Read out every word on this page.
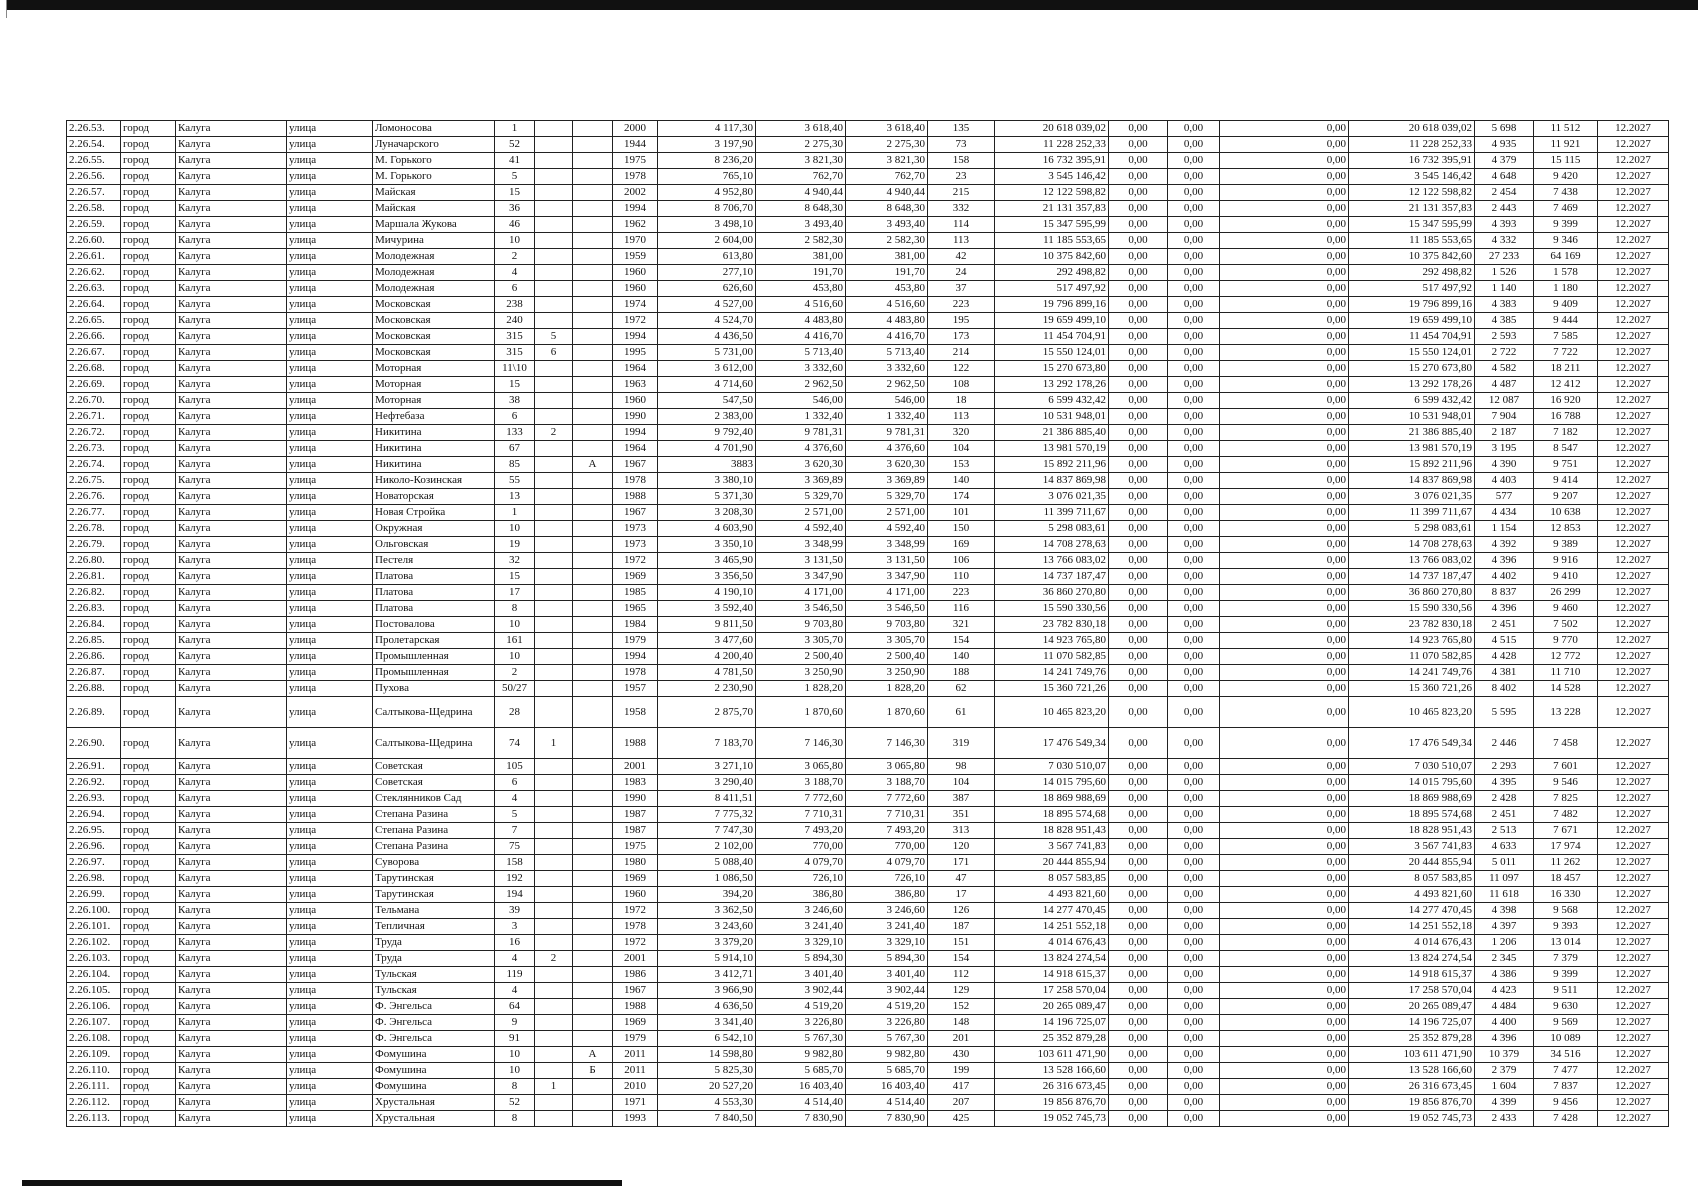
2.26.53.	город	Калуга	улица	Ломоносова	1			2000	4 117,30	3 618,40	3 618,40	135	20 618 039,02	0,00	0,00	0,00	20 618 039,02	5 698	11 512	12.2027
2.26.54.	город	Калуга	улица	Луначарского	52			1944	3 197,90	2 275,30	2 275,30	73	11 228 252,33	0,00	0,00	0,00	11 228 252,33	4 935	11 921	12.2027
2.26.55.	город	Калуга	улица	М. Горького	41			1975	8 236,20	3 821,30	3 821,30	158	16 732 395,91	0,00	0,00	0,00	16 732 395,91	4 379	15 115	12.2027
2.26.56.	город	Калуга	улица	М. Горького	5			1978	765,10	762,70	762,70	23	3 545 146,42	0,00	0,00	0,00	3 545 146,42	4 648	9 420	12.2027
2.26.57.	город	Калуга	улица	Майская	15			2002	4 952,80	4 940,44	4 940,44	215	12 122 598,82	0,00	0,00	0,00	12 122 598,82	2 454	7 438	12.2027
2.26.58.	город	Калуга	улица	Майская	36			1994	8 706,70	8 648,30	8 648,30	332	21 131 357,83	0,00	0,00	0,00	21 131 357,83	2 443	7 469	12.2027
2.26.59.	город	Калуга	улица	Маршала Жукова	46			1962	3 498,10	3 493,40	3 493,40	114	15 347 595,99	0,00	0,00	0,00	15 347 595,99	4 393	9 399	12.2027
2.26.60.	город	Калуга	улица	Мичурина	10			1970	2 604,00	2 582,30	2 582,30	113	11 185 553,65	0,00	0,00	0,00	11 185 553,65	4 332	9 346	12.2027
2.26.61.	город	Калуга	улица	Молодежная	2			1959	613,80	381,00	381,00	42	10 375 842,60	0,00	0,00	0,00	10 375 842,60	27 233	64 169	12.2027
2.26.62.	город	Калуга	улица	Молодежная	4			1960	277,10	191,70	191,70	24	292 498,82	0,00	0,00	0,00	292 498,82	1 526	1 578	12.2027
2.26.63.	город	Калуга	улица	Молодежная	6			1960	626,60	453,80	453,80	37	517 497,92	0,00	0,00	0,00	517 497,92	1 140	1 180	12.2027
2.26.64.	город	Калуга	улица	Московская	238			1974	4 527,00	4 516,60	4 516,60	223	19 796 899,16	0,00	0,00	0,00	19 796 899,16	4 383	9 409	12.2027
2.26.65.	город	Калуга	улица	Московская	240			1972	4 524,70	4 483,80	4 483,80	195	19 659 499,10	0,00	0,00	0,00	19 659 499,10	4 385	9 444	12.2027
2.26.66.	город	Калуга	улица	Московская	315	5		1994	4 436,50	4 416,70	4 416,70	173	11 454 704,91	0,00	0,00	0,00	11 454 704,91	2 593	7 585	12.2027
2.26.67.	город	Калуга	улица	Московская	315	6		1995	5 731,00	5 713,40	5 713,40	214	15 550 124,01	0,00	0,00	0,00	15 550 124,01	2 722	7 722	12.2027
2.26.68.	город	Калуга	улица	Моторная	11\10			1964	3 612,00	3 332,60	3 332,60	122	15 270 673,80	0,00	0,00	0,00	15 270 673,80	4 582	18 211	12.2027
2.26.69.	город	Калуга	улица	Моторная	15			1963	4 714,60	2 962,50	2 962,50	108	13 292 178,26	0,00	0,00	0,00	13 292 178,26	4 487	12 412	12.2027
2.26.70.	город	Калуга	улица	Моторная	38			1960	547,50	546,00	546,00	18	6 599 432,42	0,00	0,00	0,00	6 599 432,42	12 087	16 920	12.2027
2.26.71.	город	Калуга	улица	Нефтебаза	6			1990	2 383,00	1 332,40	1 332,40	113	10 531 948,01	0,00	0,00	0,00	10 531 948,01	7 904	16 788	12.2027
2.26.72.	город	Калуга	улица	Никитина	133	2		1994	9 792,40	9 781,31	9 781,31	320	21 386 885,40	0,00	0,00	0,00	21 386 885,40	2 187	7 182	12.2027
2.26.73.	город	Калуга	улица	Никитина	67			1964	4 701,90	4 376,60	4 376,60	104	13 981 570,19	0,00	0,00	0,00	13 981 570,19	3 195	8 547	12.2027
2.26.74.	город	Калуга	улица	Никитина	85		А	1967	3883	3 620,30	3 620,30	153	15 892 211,96	0,00	0,00	0,00	15 892 211,96	4 390	9 751	12.2027
2.26.75.	город	Калуга	улица	Николо-Козинская	55			1978	3 380,10	3 369,89	3 369,89	140	14 837 869,98	0,00	0,00	0,00	14 837 869,98	4 403	9 414	12.2027
2.26.76.	город	Калуга	улица	Новаторская	13			1988	5 371,30	5 329,70	5 329,70	174	3 076 021,35	0,00	0,00	0,00	3 076 021,35	577	9 207	12.2027
2.26.77.	город	Калуга	улица	Новая Стройка	1			1967	3 208,30	2 571,00	2 571,00	101	11 399 711,67	0,00	0,00	0,00	11 399 711,67	4 434	10 638	12.2027
2.26.78.	город	Калуга	улица	Окружная	10			1973	4 603,90	4 592,40	4 592,40	150	5 298 083,61	0,00	0,00	0,00	5 298 083,61	1 154	12 853	12.2027
2.26.79.	город	Калуга	улица	Ольговская	19			1973	3 350,10	3 348,99	3 348,99	169	14 708 278,63	0,00	0,00	0,00	14 708 278,63	4 392	9 389	12.2027
2.26.80.	город	Калуга	улица	Пестеля	32			1972	3 465,90	3 131,50	3 131,50	106	13 766 083,02	0,00	0,00	0,00	13 766 083,02	4 396	9 916	12.2027
2.26.81.	город	Калуга	улица	Платова	15			1969	3 356,50	3 347,90	3 347,90	110	14 737 187,47	0,00	0,00	0,00	14 737 187,47	4 402	9 410	12.2027
2.26.82.	город	Калуга	улица	Платова	17			1985	4 190,10	4 171,00	4 171,00	223	36 860 270,80	0,00	0,00	0,00	36 860 270,80	8 837	26 299	12.2027
2.26.83.	город	Калуга	улица	Платова	8			1965	3 592,40	3 546,50	3 546,50	116	15 590 330,56	0,00	0,00	0,00	15 590 330,56	4 396	9 460	12.2027
2.26.84.	город	Калуга	улица	Постовалова	10			1984	9 811,50	9 703,80	9 703,80	321	23 782 830,18	0,00	0,00	0,00	23 782 830,18	2 451	7 502	12.2027
2.26.85.	город	Калуга	улица	Пролетарская	161			1979	3 477,60	3 305,70	3 305,70	154	14 923 765,80	0,00	0,00	0,00	14 923 765,80	4 515	9 770	12.2027
2.26.86.	город	Калуга	улица	Промышленная	10			1994	4 200,40	2 500,40	2 500,40	140	11 070 582,85	0,00	0,00	0,00	11 070 582,85	4 428	12 772	12.2027
2.26.87.	город	Калуга	улица	Промышленная	2			1978	4 781,50	3 250,90	3 250,90	188	14 241 749,76	0,00	0,00	0,00	14 241 749,76	4 381	11 710	12.2027
2.26.88.	город	Калуга	улица	Пухова	50/27			1957	2 230,90	1 828,20	1 828,20	62	15 360 721,26	0,00	0,00	0,00	15 360 721,26	8 402	14 528	12.2027
2.26.89.	город	Калуга	улица	Салтыкова-Щедрина	28			1958	2 875,70	1 870,60	1 870,60	61	10 465 823,20	0,00	0,00	0,00	10 465 823,20	5 595	13 228	12.2027
2.26.90.	город	Калуга	улица	Салтыкова-Щедрина	74	1		1988	7 183,70	7 146,30	7 146,30	319	17 476 549,34	0,00	0,00	0,00	17 476 549,34	2 446	7 458	12.2027
2.26.91.	город	Калуга	улица	Советская	105			2001	3 271,10	3 065,80	3 065,80	98	7 030 510,07	0,00	0,00	0,00	7 030 510,07	2 293	7 601	12.2027
2.26.92.	город	Калуга	улица	Советская	6			1983	3 290,40	3 188,70	3 188,70	104	14 015 795,60	0,00	0,00	0,00	14 015 795,60	4 395	9 546	12.2027
2.26.93.	город	Калуга	улица	Стеклянников Сад	4			1990	8 411,51	7 772,60	7 772,60	387	18 869 988,69	0,00	0,00	0,00	18 869 988,69	2 428	7 825	12.2027
2.26.94.	город	Калуга	улица	Степана Разина	5			1987	7 775,32	7 710,31	7 710,31	351	18 895 574,68	0,00	0,00	0,00	18 895 574,68	2 451	7 482	12.2027
2.26.95.	город	Калуга	улица	Степана Разина	7			1987	7 747,30	7 493,20	7 493,20	313	18 828 951,43	0,00	0,00	0,00	18 828 951,43	2 513	7 671	12.2027
2.26.96.	город	Калуга	улица	Степана Разина	75			1975	2 102,00	770,00	770,00	120	3 567 741,83	0,00	0,00	0,00	3 567 741,83	4 633	17 974	12.2027
2.26.97.	город	Калуга	улица	Суворова	158			1980	5 088,40	4 079,70	4 079,70	171	20 444 855,94	0,00	0,00	0,00	20 444 855,94	5 011	11 262	12.2027
2.26.98.	город	Калуга	улица	Тарутинская	192			1969	1 086,50	726,10	726,10	47	8 057 583,85	0,00	0,00	0,00	8 057 583,85	11 097	18 457	12.2027
2.26.99.	город	Калуга	улица	Тарутинская	194			1960	394,20	386,80	386,80	17	4 493 821,60	0,00	0,00	0,00	4 493 821,60	11 618	16 330	12.2027
2.26.100.	город	Калуга	улица	Тельмана	39			1972	3 362,50	3 246,60	3 246,60	126	14 277 470,45	0,00	0,00	0,00	14 277 470,45	4 398	9 568	12.2027
2.26.101.	город	Калуга	улица	Тепличная	3			1978	3 243,60	3 241,40	3 241,40	187	14 251 552,18	0,00	0,00	0,00	14 251 552,18	4 397	9 393	12.2027
2.26.102.	город	Калуга	улица	Труда	16			1972	3 379,20	3 329,10	3 329,10	151	4 014 676,43	0,00	0,00	0,00	4 014 676,43	1 206	13 014	12.2027
2.26.103.	город	Калуга	улица	Труда	4	2		2001	5 914,10	5 894,30	5 894,30	154	13 824 274,54	0,00	0,00	0,00	13 824 274,54	2 345	7 379	12.2027
2.26.104.	город	Калуга	улица	Тульская	119			1986	3 412,71	3 401,40	3 401,40	112	14 918 615,37	0,00	0,00	0,00	14 918 615,37	4 386	9 399	12.2027
2.26.105.	город	Калуга	улица	Тульская	4			1967	3 966,90	3 902,44	3 902,44	129	17 258 570,04	0,00	0,00	0,00	17 258 570,04	4 423	9 511	12.2027
2.26.106.	город	Калуга	улица	Ф. Энгельса	64			1988	4 636,50	4 519,20	4 519,20	152	20 265 089,47	0,00	0,00	0,00	20 265 089,47	4 484	9 630	12.2027
2.26.107.	город	Калуга	улица	Ф. Энгельса	9			1969	3 341,40	3 226,80	3 226,80	148	14 196 725,07	0,00	0,00	0,00	14 196 725,07	4 400	9 569	12.2027
2.26.108.	город	Калуга	улица	Ф. Энгельса	91			1979	6 542,10	5 767,30	5 767,30	201	25 352 879,28	0,00	0,00	0,00	25 352 879,28	4 396	10 089	12.2027
2.26.109.	город	Калуга	улица	Фомушина	10		А	2011	14 598,80	9 982,80	9 982,80	430	103 611 471,90	0,00	0,00	0,00	103 611 471,90	10 379	34 516	12.2027
2.26.110.	город	Калуга	улица	Фомушина	10		Б	2011	5 825,30	5 685,70	5 685,70	199	13 528 166,60	0,00	0,00	0,00	13 528 166,60	2 379	7 477	12.2027
2.26.111.	город	Калуга	улица	Фомушина	8	1		2010	20 527,20	16 403,40	16 403,40	417	26 316 673,45	0,00	0,00	0,00	26 316 673,45	1 604	7 837	12.2027
2.26.112.	город	Калуга	улица	Хрустальная	52			1971	4 553,30	4 514,40	4 514,40	207	19 856 876,70	0,00	0,00	0,00	19 856 876,70	4 399	9 456	12.2027
2.26.113.	город	Калуга	улица	Хрустальная	8			1993	7 840,50	7 830,90	7 830,90	425	19 052 745,73	0,00	0,00	0,00	19 052 745,73	2 433	7 428	12.2027
